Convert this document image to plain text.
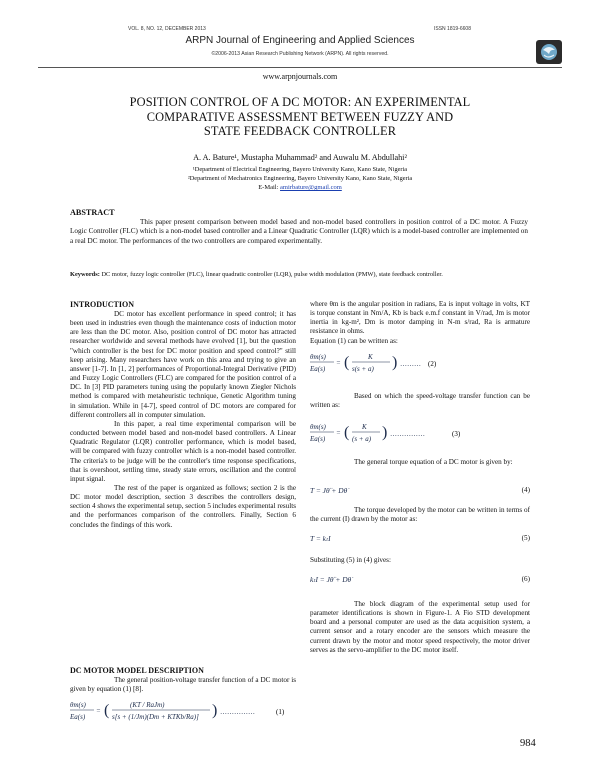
VOL. 8, NO. 12, DECEMBER 2013	ISSN 1819-6608
ARPN Journal of Engineering and Applied Sciences
©2006-2013 Asian Research Publishing Network (ARPN). All rights reserved.
www.arpnjournals.com
POSITION CONTROL OF A DC MOTOR: AN EXPERIMENTAL
COMPARATIVE ASSESSMENT BETWEEN FUZZY AND
STATE FEEDBACK CONTROLLER
A. A. Bature¹, Mustapha Muhammad² and Auwalu M. Abdullahi²
¹Department of Electrical Engineering, Bayero University Kano, Kano State, Nigeria
²Department of Mechatronics Engineering, Bayero University Kano, Kano State, Nigeria
E-Mail: amirbature@gmail.com
ABSTRACT
This paper present comparison between model based and non-model based controllers in position control of a DC motor. A Fuzzy Logic Controller (FLC) which is a non-model based controller and a Linear Quadratic Controller (LQR) which is a model-based controller are implemented on a real DC motor. The performances of the two controllers are compared experimentally.
Keywords: DC motor, fuzzy logic controller (FLC), linear quadratic controller (LQR), pulse width modulation (PMW), state feedback controller.
INTRODUCTION

DC motor has excellent performance in speed control; it has been used in industries even though the maintenance costs of induction motor are less than the DC motor. Also, position control of DC motor has attracted researcher worldwide and several methods have evolved [1], but the question "which controller is the best for DC motor position and speed control?" still keep arising. Many researchers have work on this area and trying to give an answer [1-7]. In [1, 2] performances of Proportional-Integral Derivative (PID) and Fuzzy Logic Controllers (FLC) are compared for the position control of a DC. In [3] PID parameters tuning using the popularly known Ziegler Nichols method is compared with metaheuristic technique, Genetic Algorithm tuning in simulation. While in [4-7], speed control of DC motors are compared for different controllers all in computer simulation.

In this paper, a real time experimental comparison will be conducted between model based and non-model based controllers. A Linear Quadratic Regulator (LQR) controller performance, which is model based, will be compared with fuzzy controller which is a non-model based controller. The criteria's to be judge will be the controller's time response specifications, that is overshoot, settling time, steady state errors, oscillation and the control input signal.

The rest of the paper is organized as follows; section 2 is the DC motor model description, section 3 describes the controllers design, section 4 shows the experimental setup, section 5 includes experimental results and the performances comparison of the controllers. Finally, Section 6 concludes the findings of this work.

DC MOTOR MODEL DESCRIPTION

The general position-voltage transfer function of a DC motor is given by equation (1) [8].

θm(s)
Ea(s)
= (	(KT / RaJm)
s[s + (1/Jm)(Dm + KTKb/Ra)] ) ……………	(1)
where θm is the angular position in radians, Ea is input voltage in volts, KT is torque constant in Nm/A, Kb is back e.m.f constant in V/rad, Jm is motor inertia in kg-m², Dm is motor damping in N-m s/rad, Ra is armature resistance in ohms.
Equation (1) can be written as:
θm(s)
Ea(s)
= (	K
s(s + a) ) ……… (2)

Based on which the speed-voltage transfer function can be written as:

θm(s)
Ea(s)
= ( K
(s + a) ) ……………	(3)

The general torque equation of a DC motor is given by:

T = Jθ̈ + Dθ̇	(4)

The torque developed by the motor can be written in terms of the current (I) drawn by the motor as:

T = kₜI	(5)
Substituting (5) in (4) gives:
kₜI = Jθ̈ + Dθ̇	(6)

The block diagram of the experimental setup used for parameter identifications is shown in Figure-1. A Fio STD development board and a personal computer are used as the data acquisition system, a current sensor and a rotary encoder are the sensors which measure the current drawn by the motor and motor speed respectively, the motor driver serves as the servo-amplifier to the DC motor itself.

984
